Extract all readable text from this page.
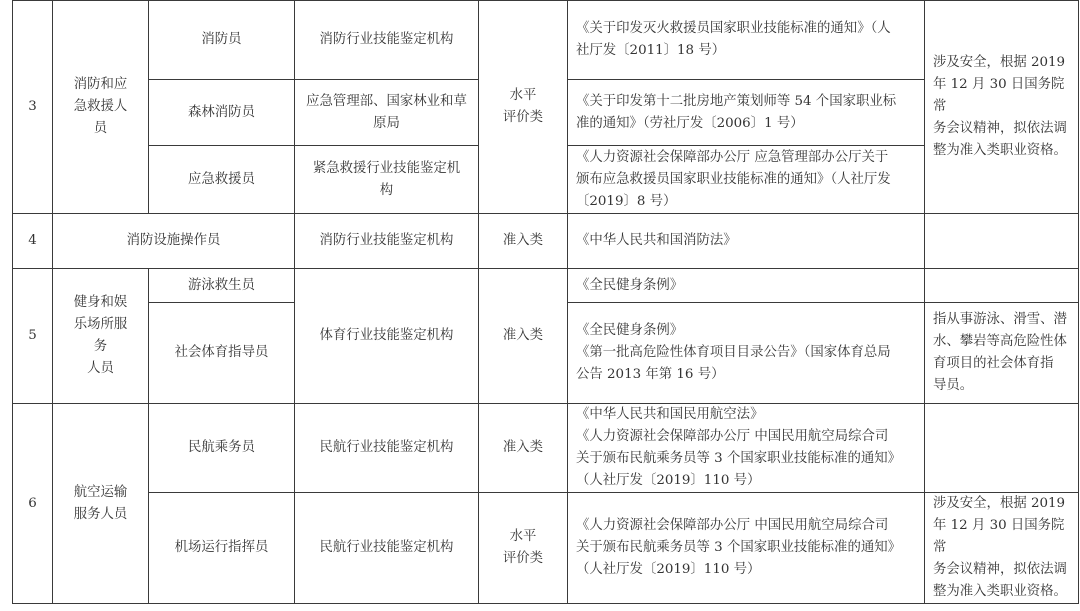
3	消防和应
急救援人
员	消防员	消防行业技能鉴定机构	水平
评价类	《关于印发灭火救援员国家职业技能标准的通知》（人
社厅发〔2011〕18 号）	涉及安全，根据 2019
年 12 月 30 日国务院常
务会议精神，拟依法调
整为准入类职业资格。

		森林消防员	应急管理部、国家林业和草
原局		《关于印发第十二批房地产策划师等 54 个国家职业标
准的通知》（劳社厅发〔2006〕1 号）	

		应急救援员	紧急救援行业技能鉴定机
构		《人力资源社会保障部办公厅 应急管理部办公厅关于
颁布应急救援员国家职业技能标准的通知》（人社厅发
〔2019〕8 号）	

4	消防设施操作员		消防行业技能鉴定机构	准入类	《中华人民共和国消防法》	

5	健身和娱
乐场所服
务
人员	游泳救生员	体育行业技能鉴定机构	准入类	《全民健身条例》	

		社会体育指导员			《全民健身条例》
《第一批高危险性体育项目目录公告》（国家体育总局
公告 2013 年第 16 号）	指从事游泳、滑雪、潜
水、攀岩等高危险性体
育项目的社会体育指
导员。

6	航空运输
服务人员	民航乘务员	民航行业技能鉴定机构	准入类	《中华人民共和国民用航空法》
《人力资源社会保障部办公厅 中国民用航空局综合司
关于颁布民航乘务员等 3 个国家职业技能标准的通知》
（人社厅发〔2019〕110 号）	

		机场运行指挥员	民航行业技能鉴定机构	水平
评价类	《人力资源社会保障部办公厅 中国民用航空局综合司
关于颁布民航乘务员等 3 个国家职业技能标准的通知》
（人社厅发〔2019〕110 号）	涉及安全，根据 2019
年 12 月 30 日国务院常
务会议精神，拟依法调
整为准入类职业资格。
